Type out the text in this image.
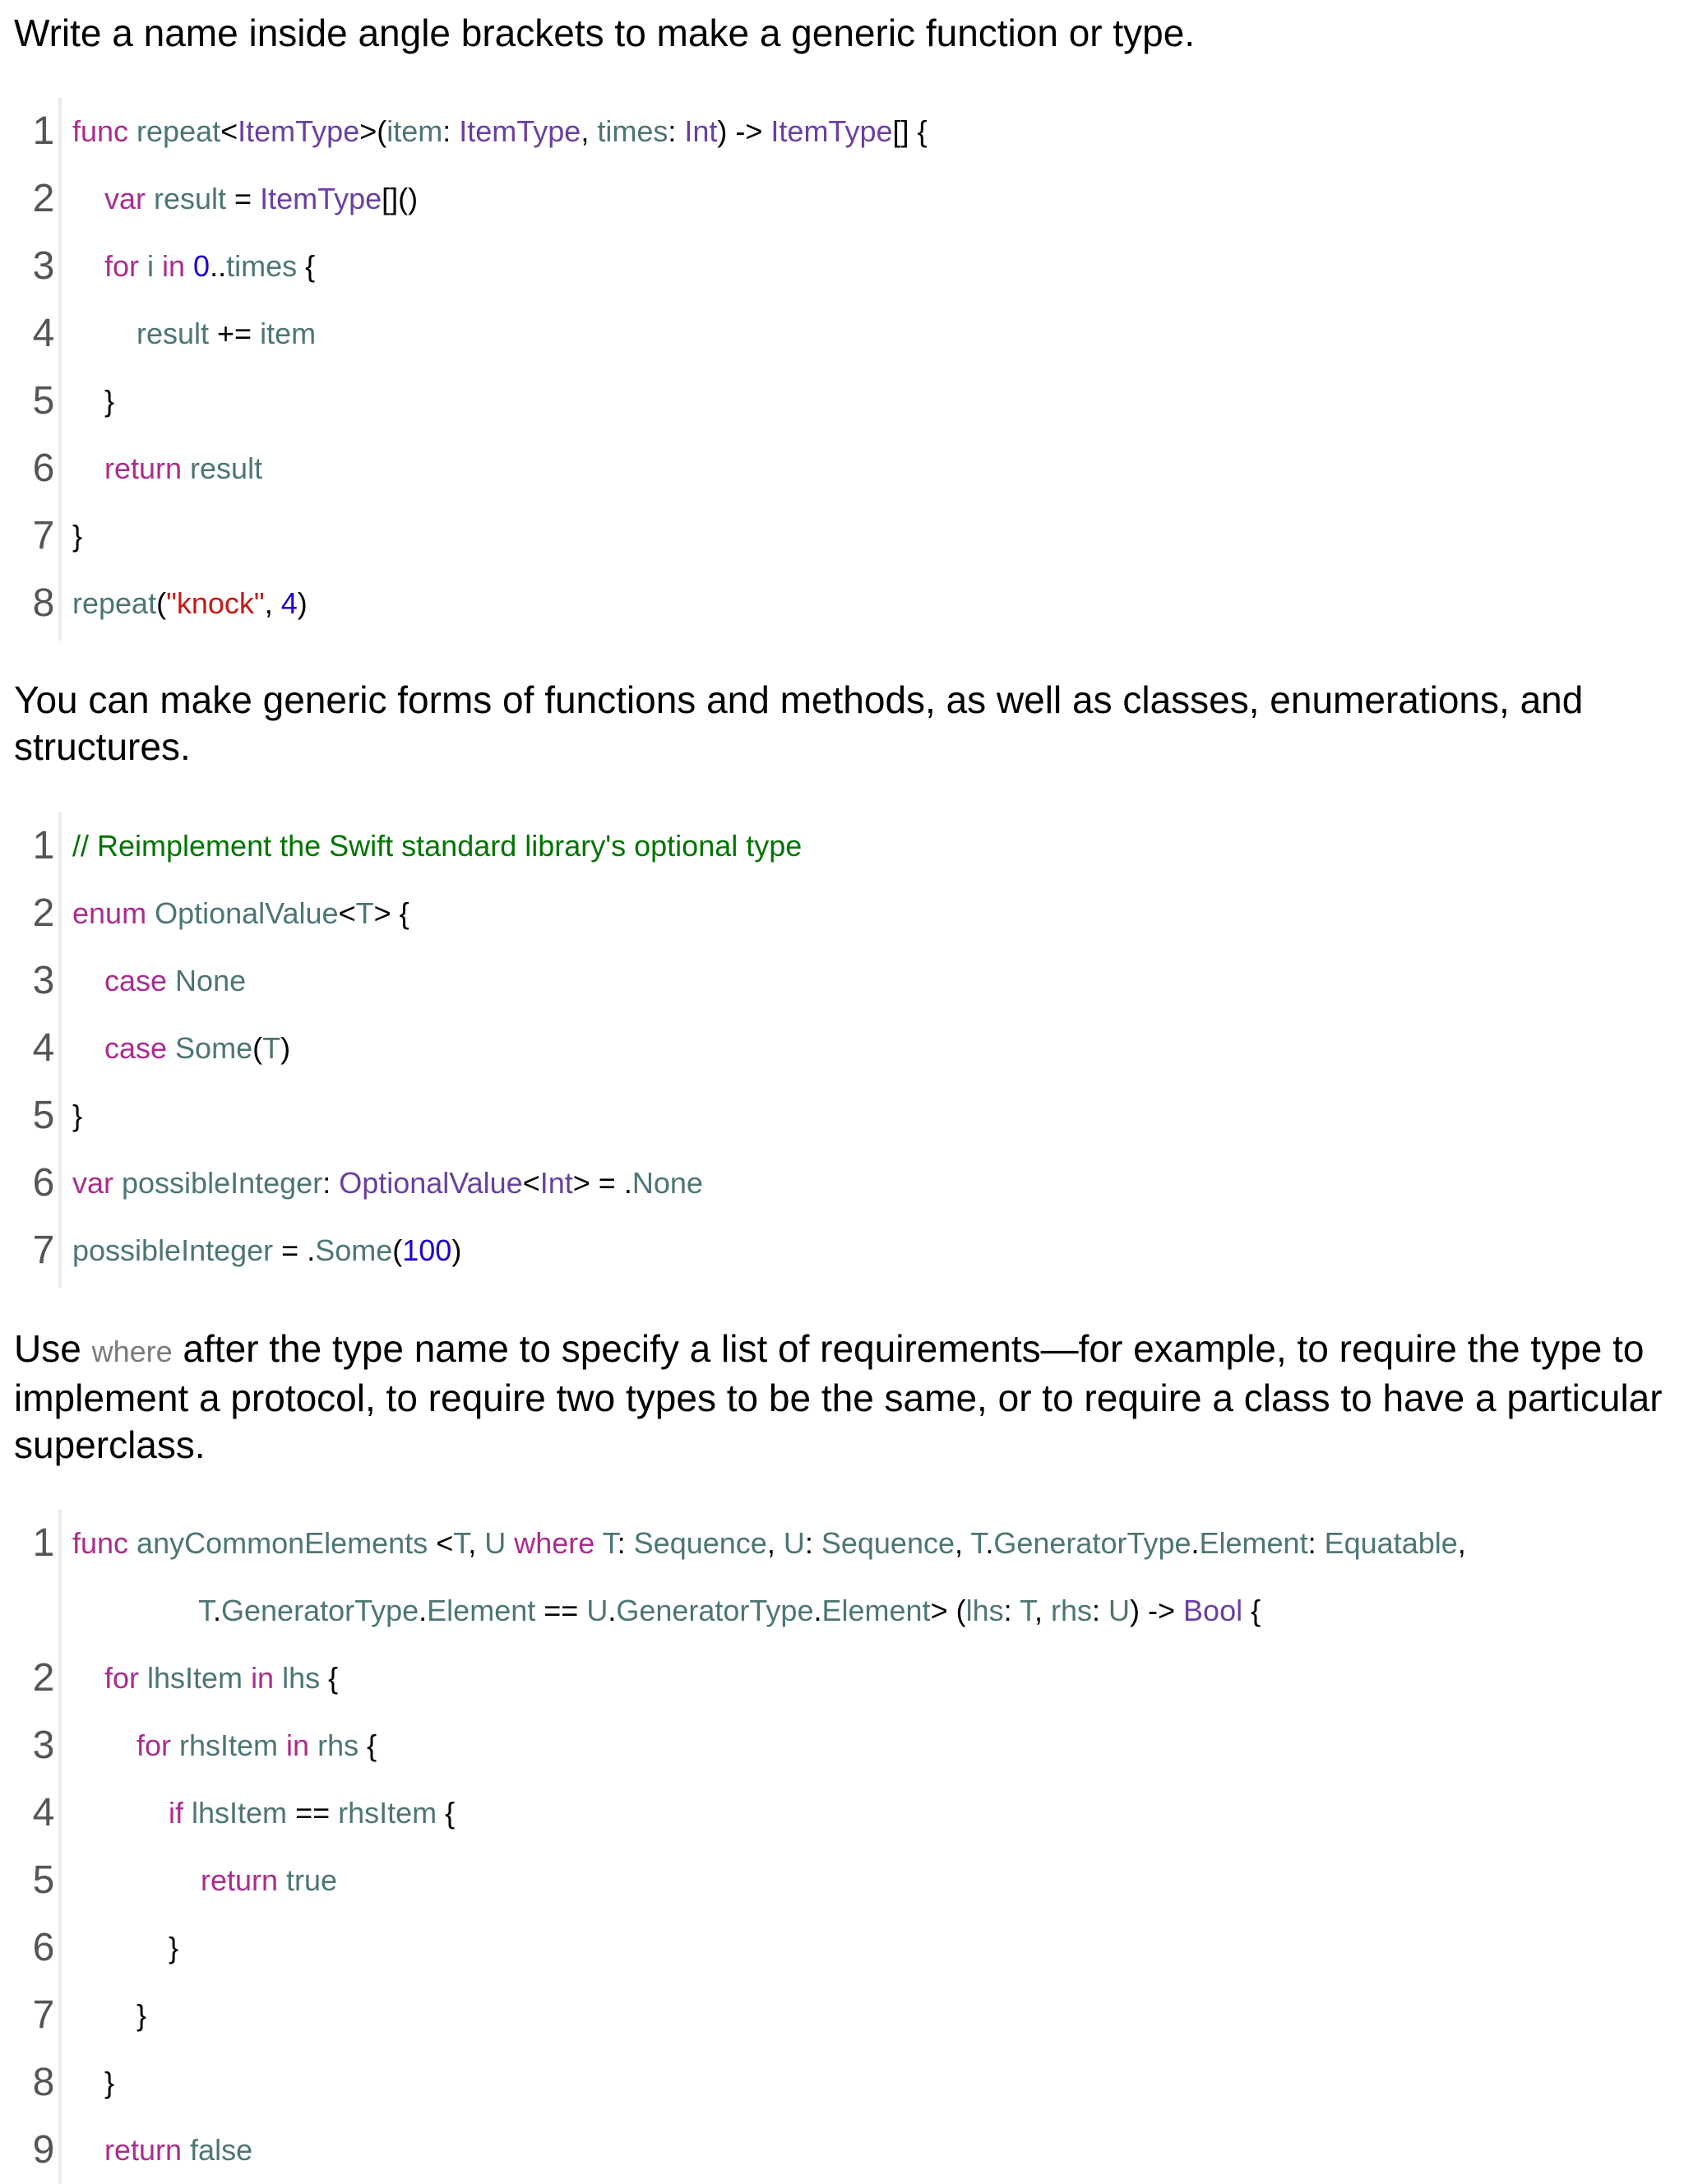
Write a name inside angle brackets to make a generic function or type.

1 func repeat<ItemType>(item: ItemType, times: Int) -> ItemType[] {
2 var result = ItemType[]()
3 for i in 0..times {
4	result += item
5 }
6 return result
7 }
8 repeat("knock", 4)

You can make generic forms of functions and methods, as well as classes, enumerations, and structures.

1 // Reimplement the Swift standard library's optional type
2 enum OptionalValue<T> {
3 case None
4 case Some(T)
5 }
6 var possibleInteger: OptionalValue<Int> = .None
7 possibleInteger = .Some(100)

Use where after the type name to specify a list of requirements—for example, to require the type to implement a protocol, to require two types to be the same, or to require a class to have a particular superclass.

1 func anyCommonElements <T, U where T: Sequence, U: Sequence, T.GeneratorType.Element: Equatable,
T.GeneratorType.Element == U.GeneratorType.Element> (lhs: T, rhs: U) -> Bool {
2 for lhsItem in lhs {
3	for rhsItem in rhs {
4	if lhsItem == rhsItem {
5	return true
6	}
7	}
8 }
9 return false
